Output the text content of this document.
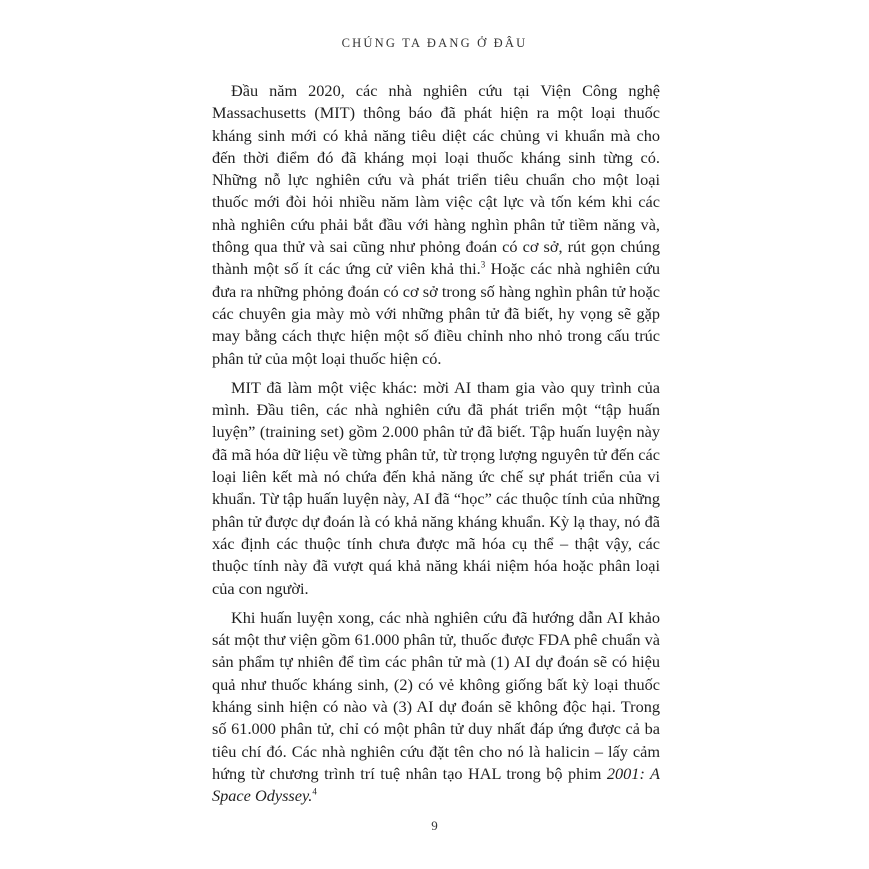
CHÚNG TA ĐANG Ở ĐÂU

Đầu năm 2020, các nhà nghiên cứu tại Viện Công nghệ Massachusetts (MIT) thông báo đã phát hiện ra một loại thuốc kháng sinh mới có khả năng tiêu diệt các chủng vi khuẩn mà cho đến thời điểm đó đã kháng mọi loại thuốc kháng sinh từng có. Những nỗ lực nghiên cứu và phát triển tiêu chuẩn cho một loại thuốc mới đòi hỏi nhiều năm làm việc cật lực và tốn kém khi các nhà nghiên cứu phải bắt đầu với hàng nghìn phân tử tiềm năng và, thông qua thử và sai cũng như phỏng đoán có cơ sở, rút gọn chúng thành một số ít các ứng cử viên khả thi.$^3$ Hoặc các nhà nghiên cứu đưa ra những phỏng đoán có cơ sở trong số hàng nghìn phân tử hoặc các chuyên gia mày mò với những phân tử đã biết, hy vọng sẽ gặp may bằng cách thực hiện một số điều chỉnh nho nhỏ trong cấu trúc phân tử của một loại thuốc hiện có.

MIT đã làm một việc khác: mời AI tham gia vào quy trình của mình. Đầu tiên, các nhà nghiên cứu đã phát triển một “tập huấn luyện” (training set) gồm 2.000 phân tử đã biết. Tập huấn luyện này đã mã hóa dữ liệu về từng phân tử, từ trọng lượng nguyên tử đến các loại liên kết mà nó chứa đến khả năng ức chế sự phát triển của vi khuẩn. Từ tập huấn luyện này, AI đã “học” các thuộc tính của những phân tử được dự đoán là có khả năng kháng khuẩn. Kỳ lạ thay, nó đã xác định các thuộc tính chưa được mã hóa cụ thể – thật vậy, các thuộc tính này đã vượt quá khả năng khái niệm hóa hoặc phân loại của con người.

Khi huấn luyện xong, các nhà nghiên cứu đã hướng dẫn AI khảo sát một thư viện gồm 61.000 phân tử, thuốc được FDA phê chuẩn và sản phẩm tự nhiên để tìm các phân tử mà (1) AI dự đoán sẽ có hiệu quả như thuốc kháng sinh, (2) có vẻ không giống bất kỳ loại thuốc kháng sinh hiện có nào và (3) AI dự đoán sẽ không độc hại. Trong số 61.000 phân tử, chỉ có một phân tử duy nhất đáp ứng được cả ba tiêu chí đó. Các nhà nghiên cứu đặt tên cho nó là halicin – lấy cảm hứng từ chương trình trí tuệ nhân tạo HAL trong bộ phim 2001: A Space Odyssey.$^4$

9
